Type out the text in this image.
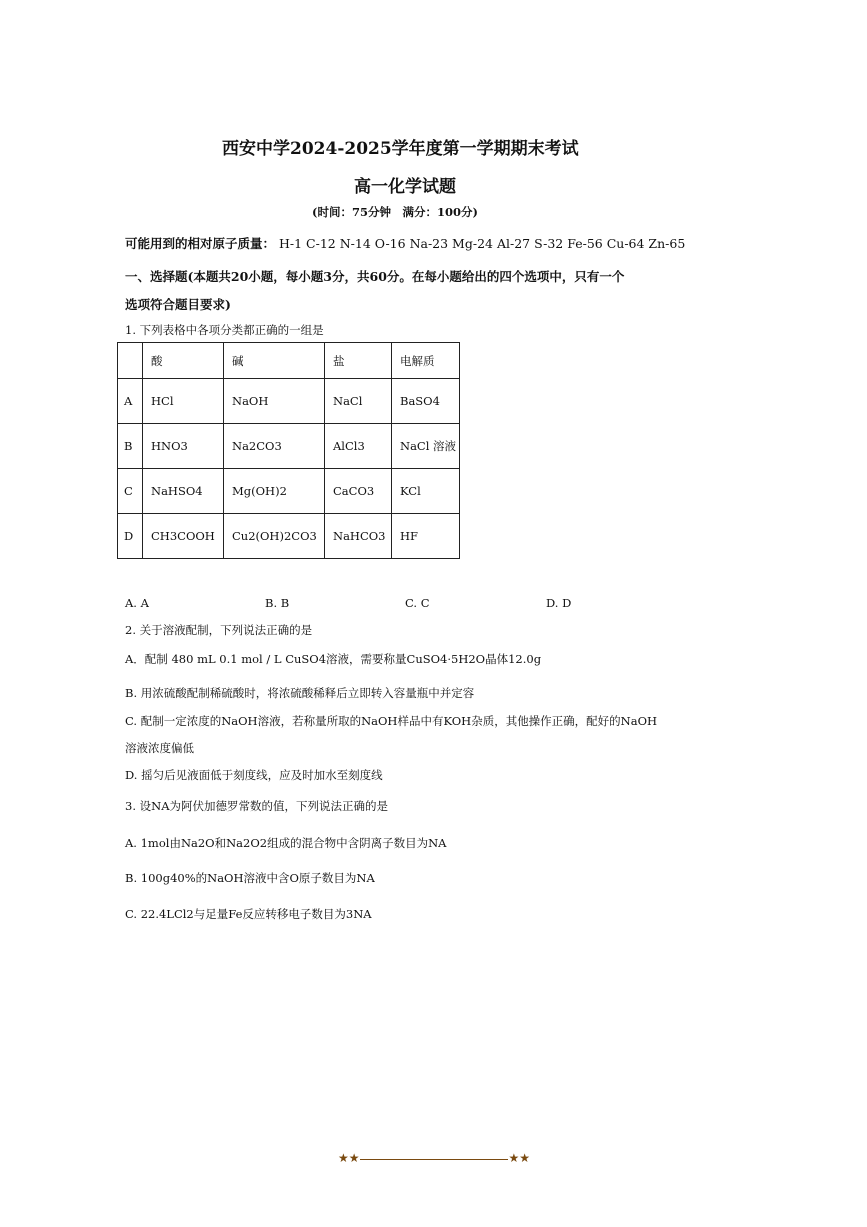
西安中学2024-2025学年度第一学期期末考试
高一化学试题
(时间：75分钟　满分：100分)
可能用到的相对原子质量： H-1 C-12 N-14 O-16 Na-23 Mg-24 Al-27 S-32 Fe-56 Cu-64 Zn-65
一、选择题(本题共20小题，每小题3分，共60分。在每小题给出的四个选项中，只有一个
选项符合题目要求)
1. 下列表格中各项分类都正确的一组是
	酸	碱	盐	电解质
A	HCl	NaOH	NaCl	BaSO4
B	HNO3	Na2CO3	AlCl3	NaCl 溶液
C	NaHSO4	Mg(OH)2	CaCO3	KCl
D	CH3COOH	Cu2(OH)2CO3	NaHCO3	HF
A. A	B. B	C. C	D. D
2. 关于溶液配制，下列说法正确的是
A．配制 480 mL 0.1 mol / L CuSO4溶液，需要称量CuSO4·5H2O晶体12.0g
B. 用浓硫酸配制稀硫酸时，将浓硫酸稀释后立即转入容量瓶中并定容
C. 配制一定浓度的NaOH溶液，若称量所取的NaOH样品中有KOH杂质，其他操作正确，配好的NaOH
溶液浓度偏低
D. 摇匀后见液面低于刻度线，应及时加水至刻度线
3. 设NA为阿伏加德罗常数的值，下列说法正确的是
A. 1mol由Na2O和Na2O2组成的混合物中含阴离子数目为NA
B. 100g40%的NaOH溶液中含O原子数目为NA
C. 22.4LCl2与足量Fe反应转移电子数目为3NA
★★	★★
